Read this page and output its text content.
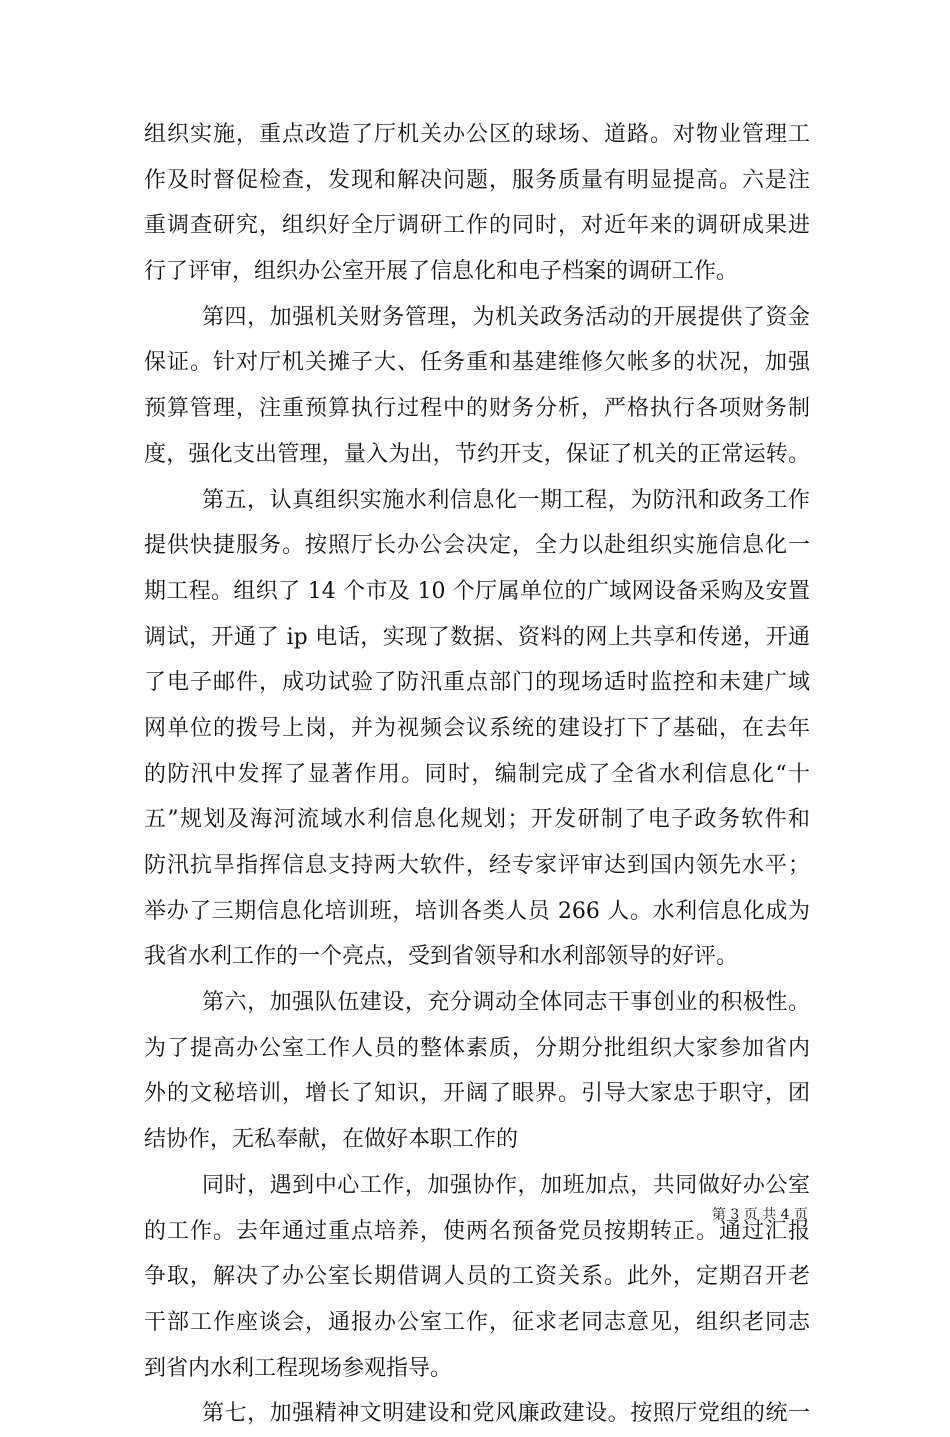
组织实施，重点改造了厅机关办公区的球场、道路。对物业管理工
作及时督促检查，发现和解决问题，服务质量有明显提高。六是注
重调查研究，组织好全厅调研工作的同时，对近年来的调研成果进
行了评审，组织办公室开展了信息化和电子档案的调研工作。
第四，加强机关财务管理，为机关政务活动的开展提供了资金
保证。针对厅机关摊子大、任务重和基建维修欠帐多的状况，加强
预算管理，注重预算执行过程中的财务分析，严格执行各项财务制
度，强化支出管理，量入为出，节约开支，保证了机关的正常运转。
第五，认真组织实施水利信息化一期工程，为防汛和政务工作
提供快捷服务。按照厅长办公会决定，全力以赴组织实施信息化一
期工程。组织了 14 个市及 10 个厅属单位的广域网设备采购及安置
调试，开通了 ip 电话，实现了数据、资料的网上共享和传递，开通
了电子邮件，成功试验了防汛重点部门的现场适时监控和未建广域
网单位的拨号上岗，并为视频会议系统的建设打下了基础，在去年
的防汛中发挥了显著作用。同时，编制完成了全省水利信息化“十
五”规划及海河流域水利信息化规划；开发研制了电子政务软件和
防汛抗旱指挥信息支持两大软件，经专家评审达到国内领先水平；
举办了三期信息化培训班，培训各类人员 266 人。水利信息化成为
我省水利工作的一个亮点，受到省领导和水利部领导的好评。
第六，加强队伍建设，充分调动全体同志干事创业的积极性。
为了提高办公室工作人员的整体素质，分期分批组织大家参加省内
外的文秘培训，增长了知识，开阔了眼界。引导大家忠于职守，团
结协作，无私奉献，在做好本职工作的
同时，遇到中心工作，加强协作，加班加点，共同做好办公室
的工作。去年通过重点培养，使两名预备党员按期转正。通过汇报
争取，解决了办公室长期借调人员的工资关系。此外，定期召开老
干部工作座谈会，通报办公室工作，征求老同志意见，组织老同志
到省内水利工程现场参观指导。
第七，加强精神文明建设和党风廉政建设。按照厅党组的统一
第 3 页 共 4 页
